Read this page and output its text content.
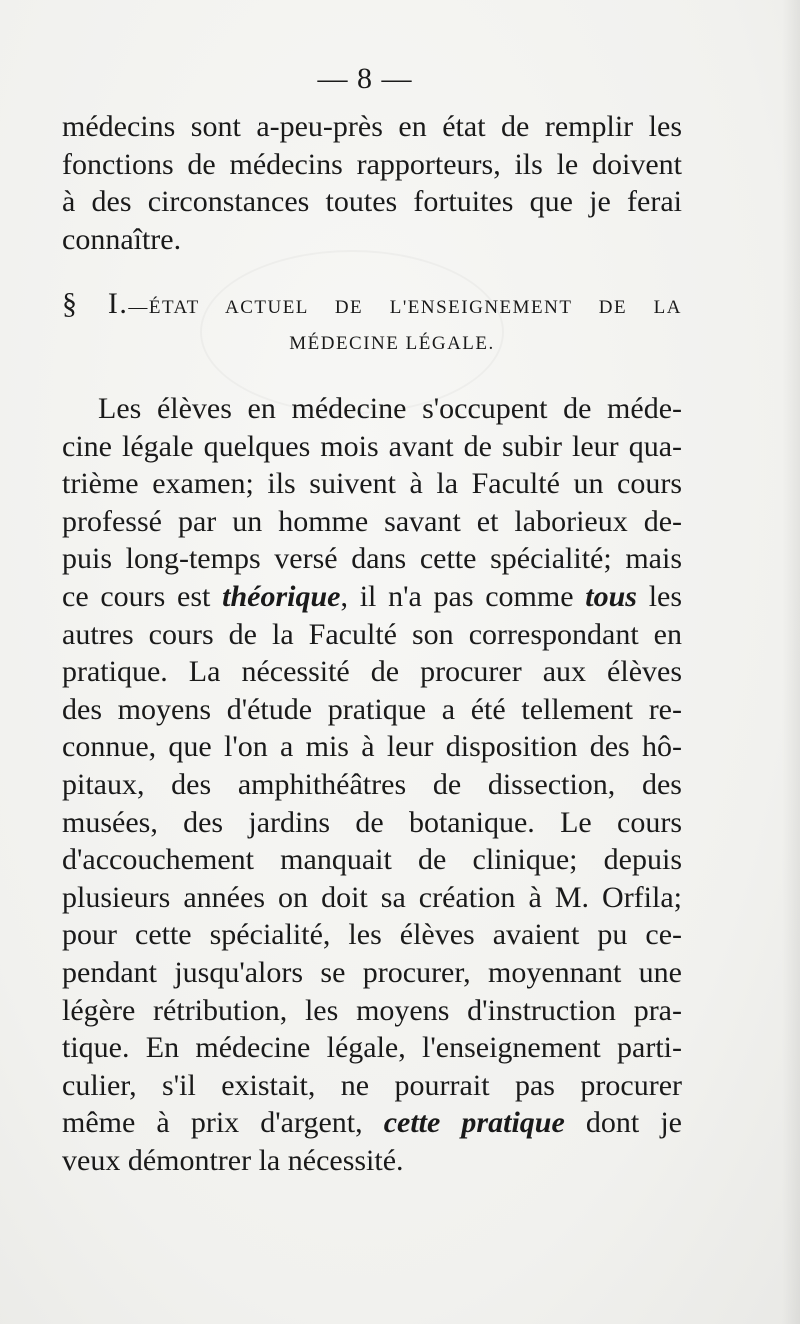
— 8 —
médecins sont a-peu-près en état de remplir les
fonctions de médecins rapporteurs, ils le doivent
à des circonstances toutes fortuites que je ferai
connaître.
§ I.—ÉTAT ACTUEL DE L'ENSEIGNEMENT DE LA
MÉDECINE LÉGALE.
Les élèves en médecine s'occupent de méde-
cine légale quelques mois avant de subir leur qua-
trième examen; ils suivent à la Faculté un cours
professé par un homme savant et laborieux de-
puis long-temps versé dans cette spécialité; mais
ce cours est théorique, il n'a pas comme tous les
autres cours de la Faculté son correspondant en
pratique. La nécessité de procurer aux élèves
des moyens d'étude pratique a été tellement re-
connue, que l'on a mis à leur disposition des hô-
pitaux, des amphithéâtres de dissection, des
musées, des jardins de botanique. Le cours
d'accouchement manquait de clinique; depuis
plusieurs années on doit sa création à M. Orfila;
pour cette spécialité, les élèves avaient pu ce-
pendant jusqu'alors se procurer, moyennant une
légère rétribution, les moyens d'instruction pra-
tique. En médecine légale, l'enseignement parti-
culier, s'il existait, ne pourrait pas procurer
même à prix d'argent, cette pratique dont je
veux démontrer la nécessité.
